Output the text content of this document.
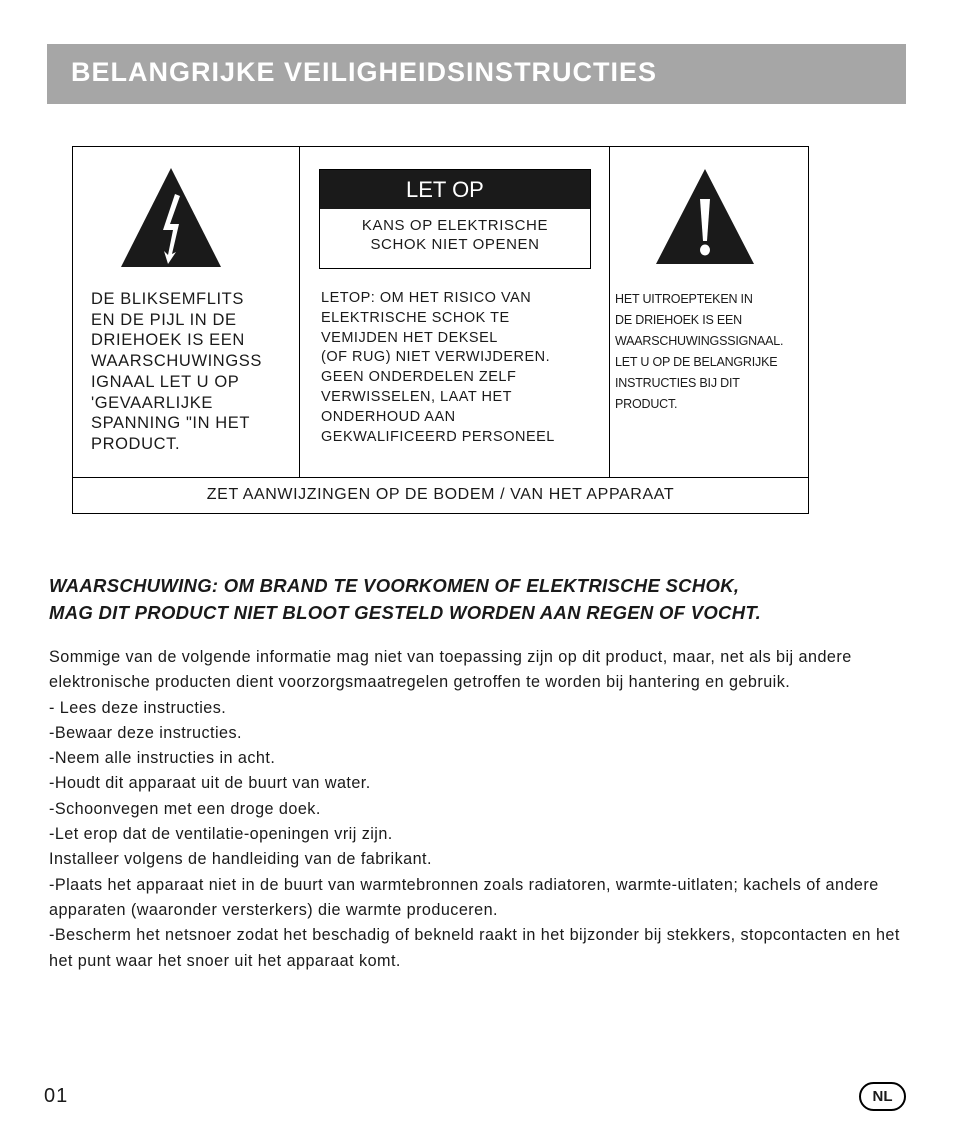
BELANGRIJKE VEILIGHEIDSINSTRUCTIES

DE BLIKSEMFLITS
EN DE PIJL IN DE
DRIEHOEK IS EEN
WAARSCHUWINGSS
IGNAAL LET U OP
'GEVAARLIJKE
SPANNING "IN HET
PRODUCT.

LET OP
KANS OP ELEKTRISCHE
SCHOK NIET OPENEN

LETOP: OM HET RISICO VAN
ELEKTRISCHE SCHOK TE
VEMIJDEN HET DEKSEL
(OF RUG) NIET VERWIJDEREN.
GEEN ONDERDELEN ZELF
VERWISSELEN, LAAT HET
ONDERHOUD AAN
GEKWALIFICEERD PERSONEEL

HET UITROEPTEKEN IN
DE DRIEHOEK IS EEN
WAARSCHUWINGSSIGNAAL.
LET U OP DE BELANGRIJKE
INSTRUCTIES BIJ DIT
PRODUCT.

ZET AANWIJZINGEN OP DE BODEM / VAN HET APPARAAT
WAARSCHUWING: OM BRAND TE VOORKOMEN OF ELEKTRISCHE SCHOK,
MAG DIT PRODUCT NIET BLOOT GESTELD WORDEN AAN REGEN OF VOCHT.

Sommige van de volgende informatie mag niet van toepassing zijn op dit product, maar, net als bij andere elektronische producten dient voorzorgsmaatregelen getroffen te worden bij hantering en gebruik.

- Lees deze instructies.

-Bewaar deze instructies.

-Neem alle instructies in acht.

-Houdt dit apparaat uit de buurt van water.

-Schoonvegen met een droge doek.

-Let erop dat de ventilatie-openingen vrij zijn.

Installeer volgens de handleiding van de fabrikant.

-Plaats het apparaat niet in de buurt van warmtebronnen zoals radiatoren, warmte-uitlaten; kachels of andere apparaten (waaronder versterkers) die warmte produceren.

-Bescherm het netsnoer zodat het beschadig of bekneld raakt in het bijzonder bij stekkers, stopcontacten en het het punt waar het snoer uit het apparaat komt.

01	NL
